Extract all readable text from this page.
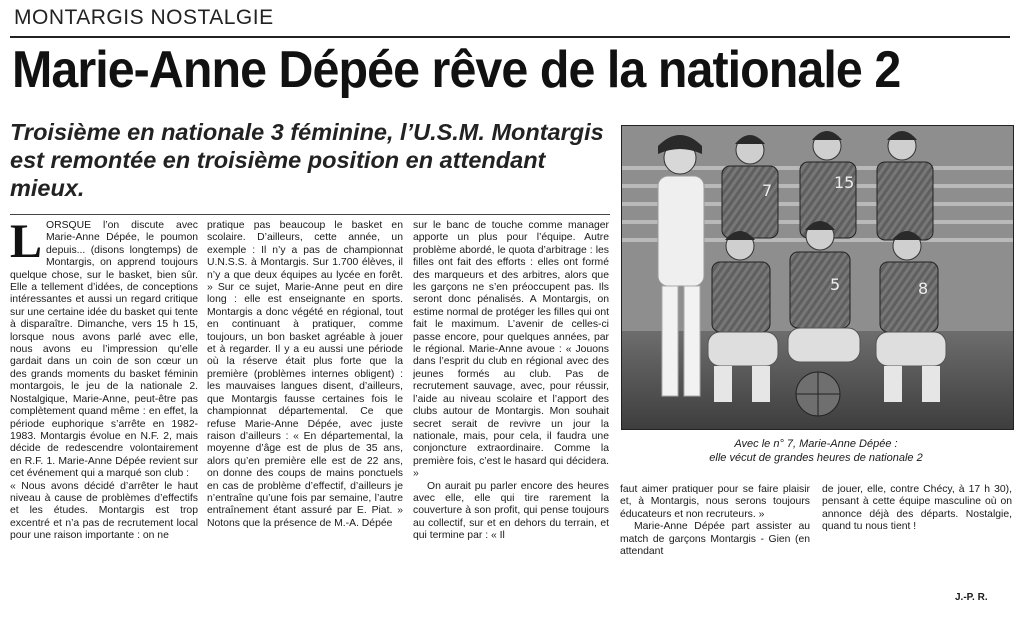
MONTARGIS NOSTALGIE
Marie-Anne Dépée rêve de la nationale 2
Troisième en nationale 3 féminine, l’U.S.M. Montargis est remontée en troisième position en attendant mieux.
L ORSQUE l’on discute avec Marie-Anne Dépée, le poumon depuis... (disons longtemps) de Montargis, on apprend toujours quelque chose, sur le basket, bien sûr. Elle a tellement d’idées, de conceptions intéressantes et aussi un regard critique sur une certaine idée du basket qui tente à disparaître. Dimanche, vers 15 h 15, lorsque nous avons parlé avec elle, nous avons eu l’impression qu’elle gardait dans un coin de son cœur un des grands moments du basket féminin montargois, le jeu de la nationale 2. Nostalgique, Marie-Anne, peut-être pas complètement quand même : en effet, la période euphorique s’arrête en 1982-1983. Montargis évolue en N.F. 2, mais décide de redescendre volontairement en R.F. 1. Marie-Anne Dépée revient sur cet événement qui a marqué son club :

« Nous avons décidé d’arrêter le haut niveau à cause de problèmes d’effectifs et les études. Montargis est trop excentré et n’a pas de recrutement local pour une raison importante : on ne

pratique pas beaucoup le basket en scolaire. D’ailleurs, cette année, un exemple : Il n’y a pas de championnat U.N.S.S. à Montargis. Sur 1.700 élèves, il n’y a que deux équipes au lycée en forêt. » Sur ce sujet, Marie-Anne peut en dire long : elle est enseignante en sports. Montargis a donc végété en régional, tout en continuant à pratiquer, comme toujours, un bon basket agréable à jouer et à regarder. Il y a eu aussi une période où la réserve était plus forte que la première (problèmes internes obligent) : les mauvaises langues disent, d’ailleurs, que Montargis fausse certaines fois le championnat départemental. Ce que refuse Marie-Anne Dépée, avec juste raison d’ailleurs : « En départemental, la moyenne d’âge est de plus de 35 ans, alors qu’en première elle est de 22 ans, on donne des coups de mains ponctuels en cas de problème d’effectif, d’ailleurs je n’entraîne qu’une fois par semaine, l’autre entraînement étant assuré par E. Piat. » Notons que la présence de M.-A. Dépée

sur le banc de touche comme manager apporte un plus pour l’équipe. Autre problème abordé, le quota d’arbitrage : les filles ont fait des efforts : elles ont formé des marqueurs et des arbitres, alors que les garçons ne s’en préoccupent pas. Ils seront donc pénalisés. A Montargis, on estime normal de protéger les filles qui ont fait le maximum. L’avenir de celles-ci passe encore, pour quelques années, par le régional. Marie-Anne avoue : « Jouons dans l’esprit du club en régional avec des jeunes formés au club. Pas de recrutement sauvage, avec, pour réussir, l’aide au niveau scolaire et l’apport des clubs autour de Montargis. Mon souhait secret serait de revivre un jour la nationale, mais, pour cela, il faudra une conjoncture extraordinaire. Comme la première fois, c’est le hasard qui décidera. »

On aurait pu parler encore des heures avec elle, elle qui tire rarement la couverture à son profit, qui pense toujours au collectif, sur et en dehors du terrain, et qui termine par : « Il

7	15
5	8
Avec le n° 7, Marie-Anne Dépée :
elle vécut de grandes heures de nationale 2

faut aimer pratiquer pour se faire plaisir et, à Montargis, nous serons toujours éducateurs et non recruteurs. »

Marie-Anne Dépée part assister au match de garçons Montargis - Gien (en attendant

de jouer, elle, contre Chécy, à 17 h 30), pensant à cette équipe masculine où on annonce déjà des départs. Nostalgie, quand tu nous tient !

J.-P. R.
